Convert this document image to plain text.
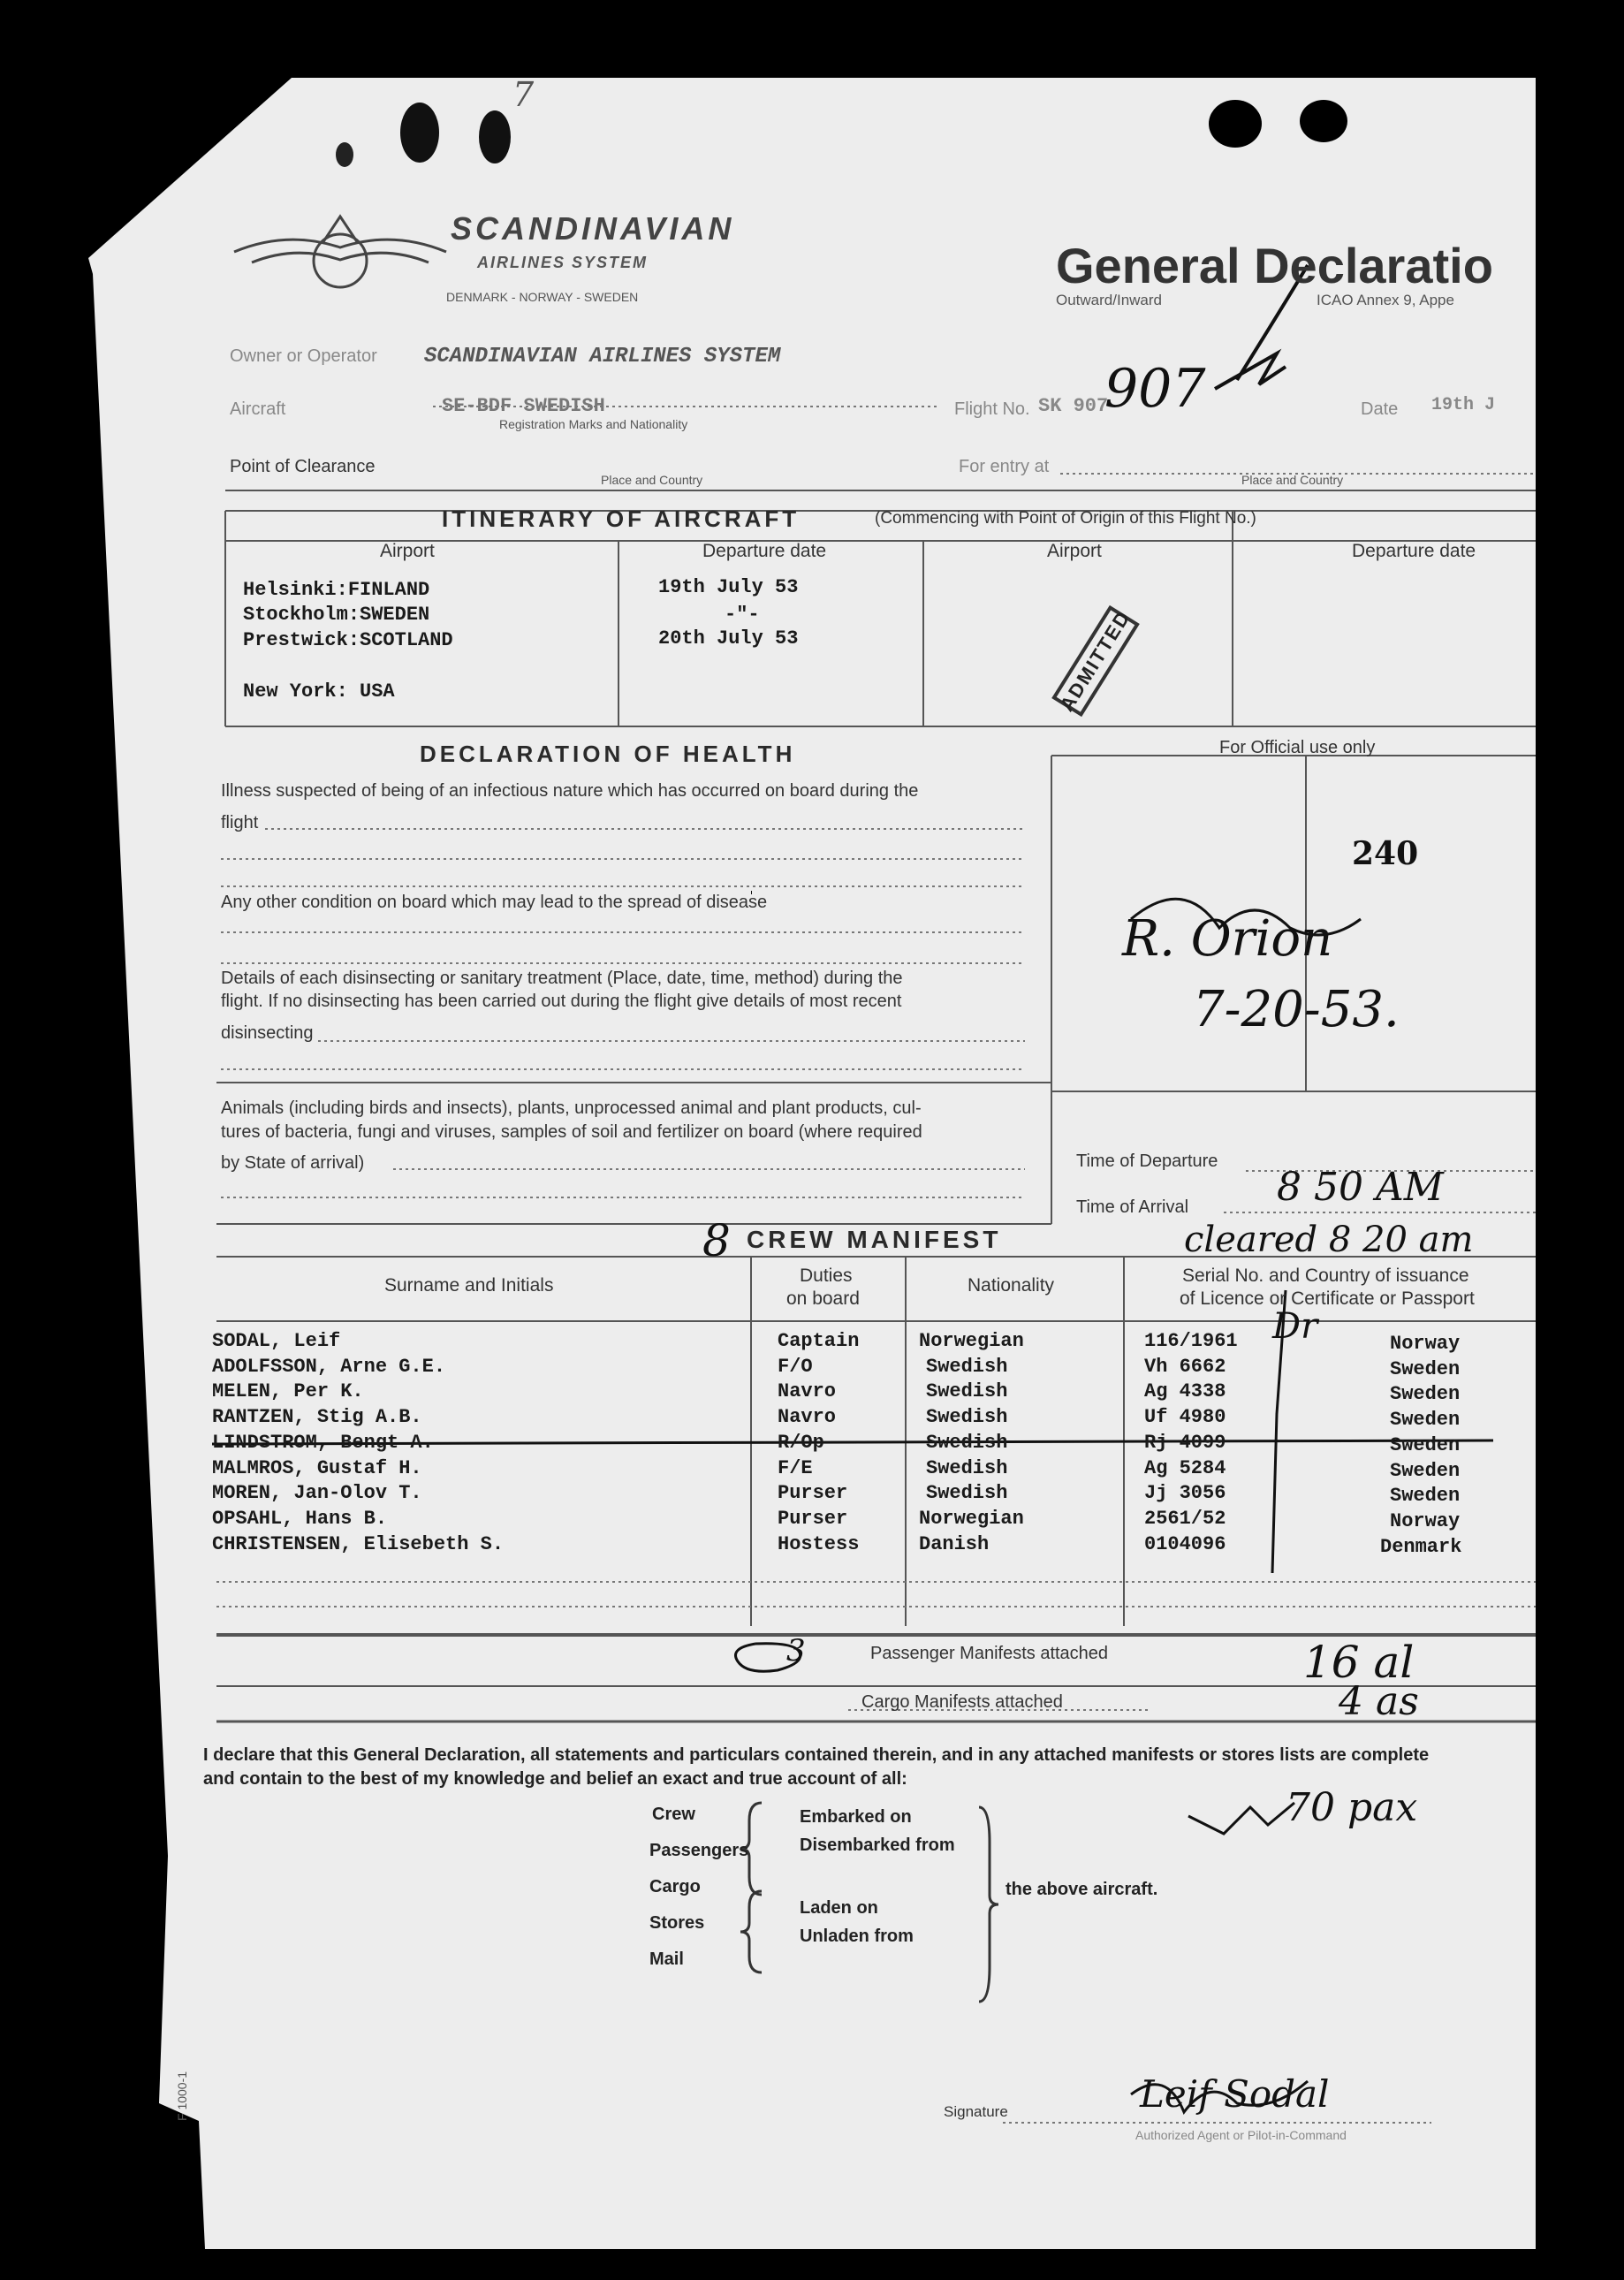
SCANDINAVIAN
AIRLINES SYSTEM
DENMARK - NORWAY - SWEDEN
General Declaratio
Outward/Inward	ICAO Annex 9, Appe
907
7
Owner or Operator SCANDINAVIAN AIRLINES SYSTEM
Aircraft	SE-BDF SWEDISH
Registration Marks and Nationality
Flight No. SK 907	Date 19th J
Point of Clearance
Place and Country
For entry at
Place and Country
ITINERARY OF AIRCRAFT	(Commencing with Point of Origin of this Flight No.)
Airport	Departure date	Airport	Departure date
Helsinki:FINLAND	19th July 53
Stockholm:SWEDEN	-"-
Prestwick:SCOTLAND	20th July 53
New York: USA	ADMITTED
DECLARATION OF HEALTH
Illness suspected of being of an infectious nature which has occurred on board during the
flight
Any other condition on board which may lead to the spread of disease
Details of each disinsecting or sanitary treatment (Place, date, time, method) during the
flight. If no disinsecting has been carried out during the flight give details of most recent
disinsecting
Animals (including birds and insects), plants, unprocessed animal and plant products, cul-
tures of bacteria, fungi and viruses, samples of soil and fertilizer on board (where required
by State of arrival)
For Official use only
240
R. Orion
7-20-53.
Time of Departure
Time of Arrival 8 50 AM
cleared 8 20 am
Dr
8 CREW MANIFEST
Surname and Initials	Duties
on board
Nationality	Serial No. and Country of issuance
of Licence or Certificate or Passport
SODAL, Leif	Captain	Norwegian	116/1961	Norway
ADOLFSSON, Arne G.E.	F/O	Swedish	Vh 6662	Sweden
MELEN, Per K.	Navro	Swedish	Ag 4338	Sweden
RANTZEN, Stig A.B.	Navro	Swedish	Uf 4980	Sweden
LINDSTROM, Bengt A.	R/Op	Swedish	Rj 4099	Sweden
MALMROS, Gustaf H.	F/E	Swedish	Ag 5284	Sweden
MOREN, Jan-Olov T.	Purser	Swedish	Jj 3056	Sweden
OPSAHL, Hans B.	Purser	Norwegian	2561/52	Norway
CHRISTENSEN, Elisebeth S.	Hostess	Danish	0104096	Denmark
3	Passenger Manifests attached
Cargo Manifests attached
16 al
4 as
70 pax
I declare that this General Declaration, all statements and particulars contained therein, and in any attached manifests or stores lists are complete
and contain to the best of my knowledge and belief an exact and true account of all:
Crew
Passengers
Cargo
Stores
Mail
Embarked on
Disembarked from
Laden on
Unladen from
the above aircraft.
Signature	Leif Sodal
Authorized Agent or Pilot-in-Command
F 1000-1
